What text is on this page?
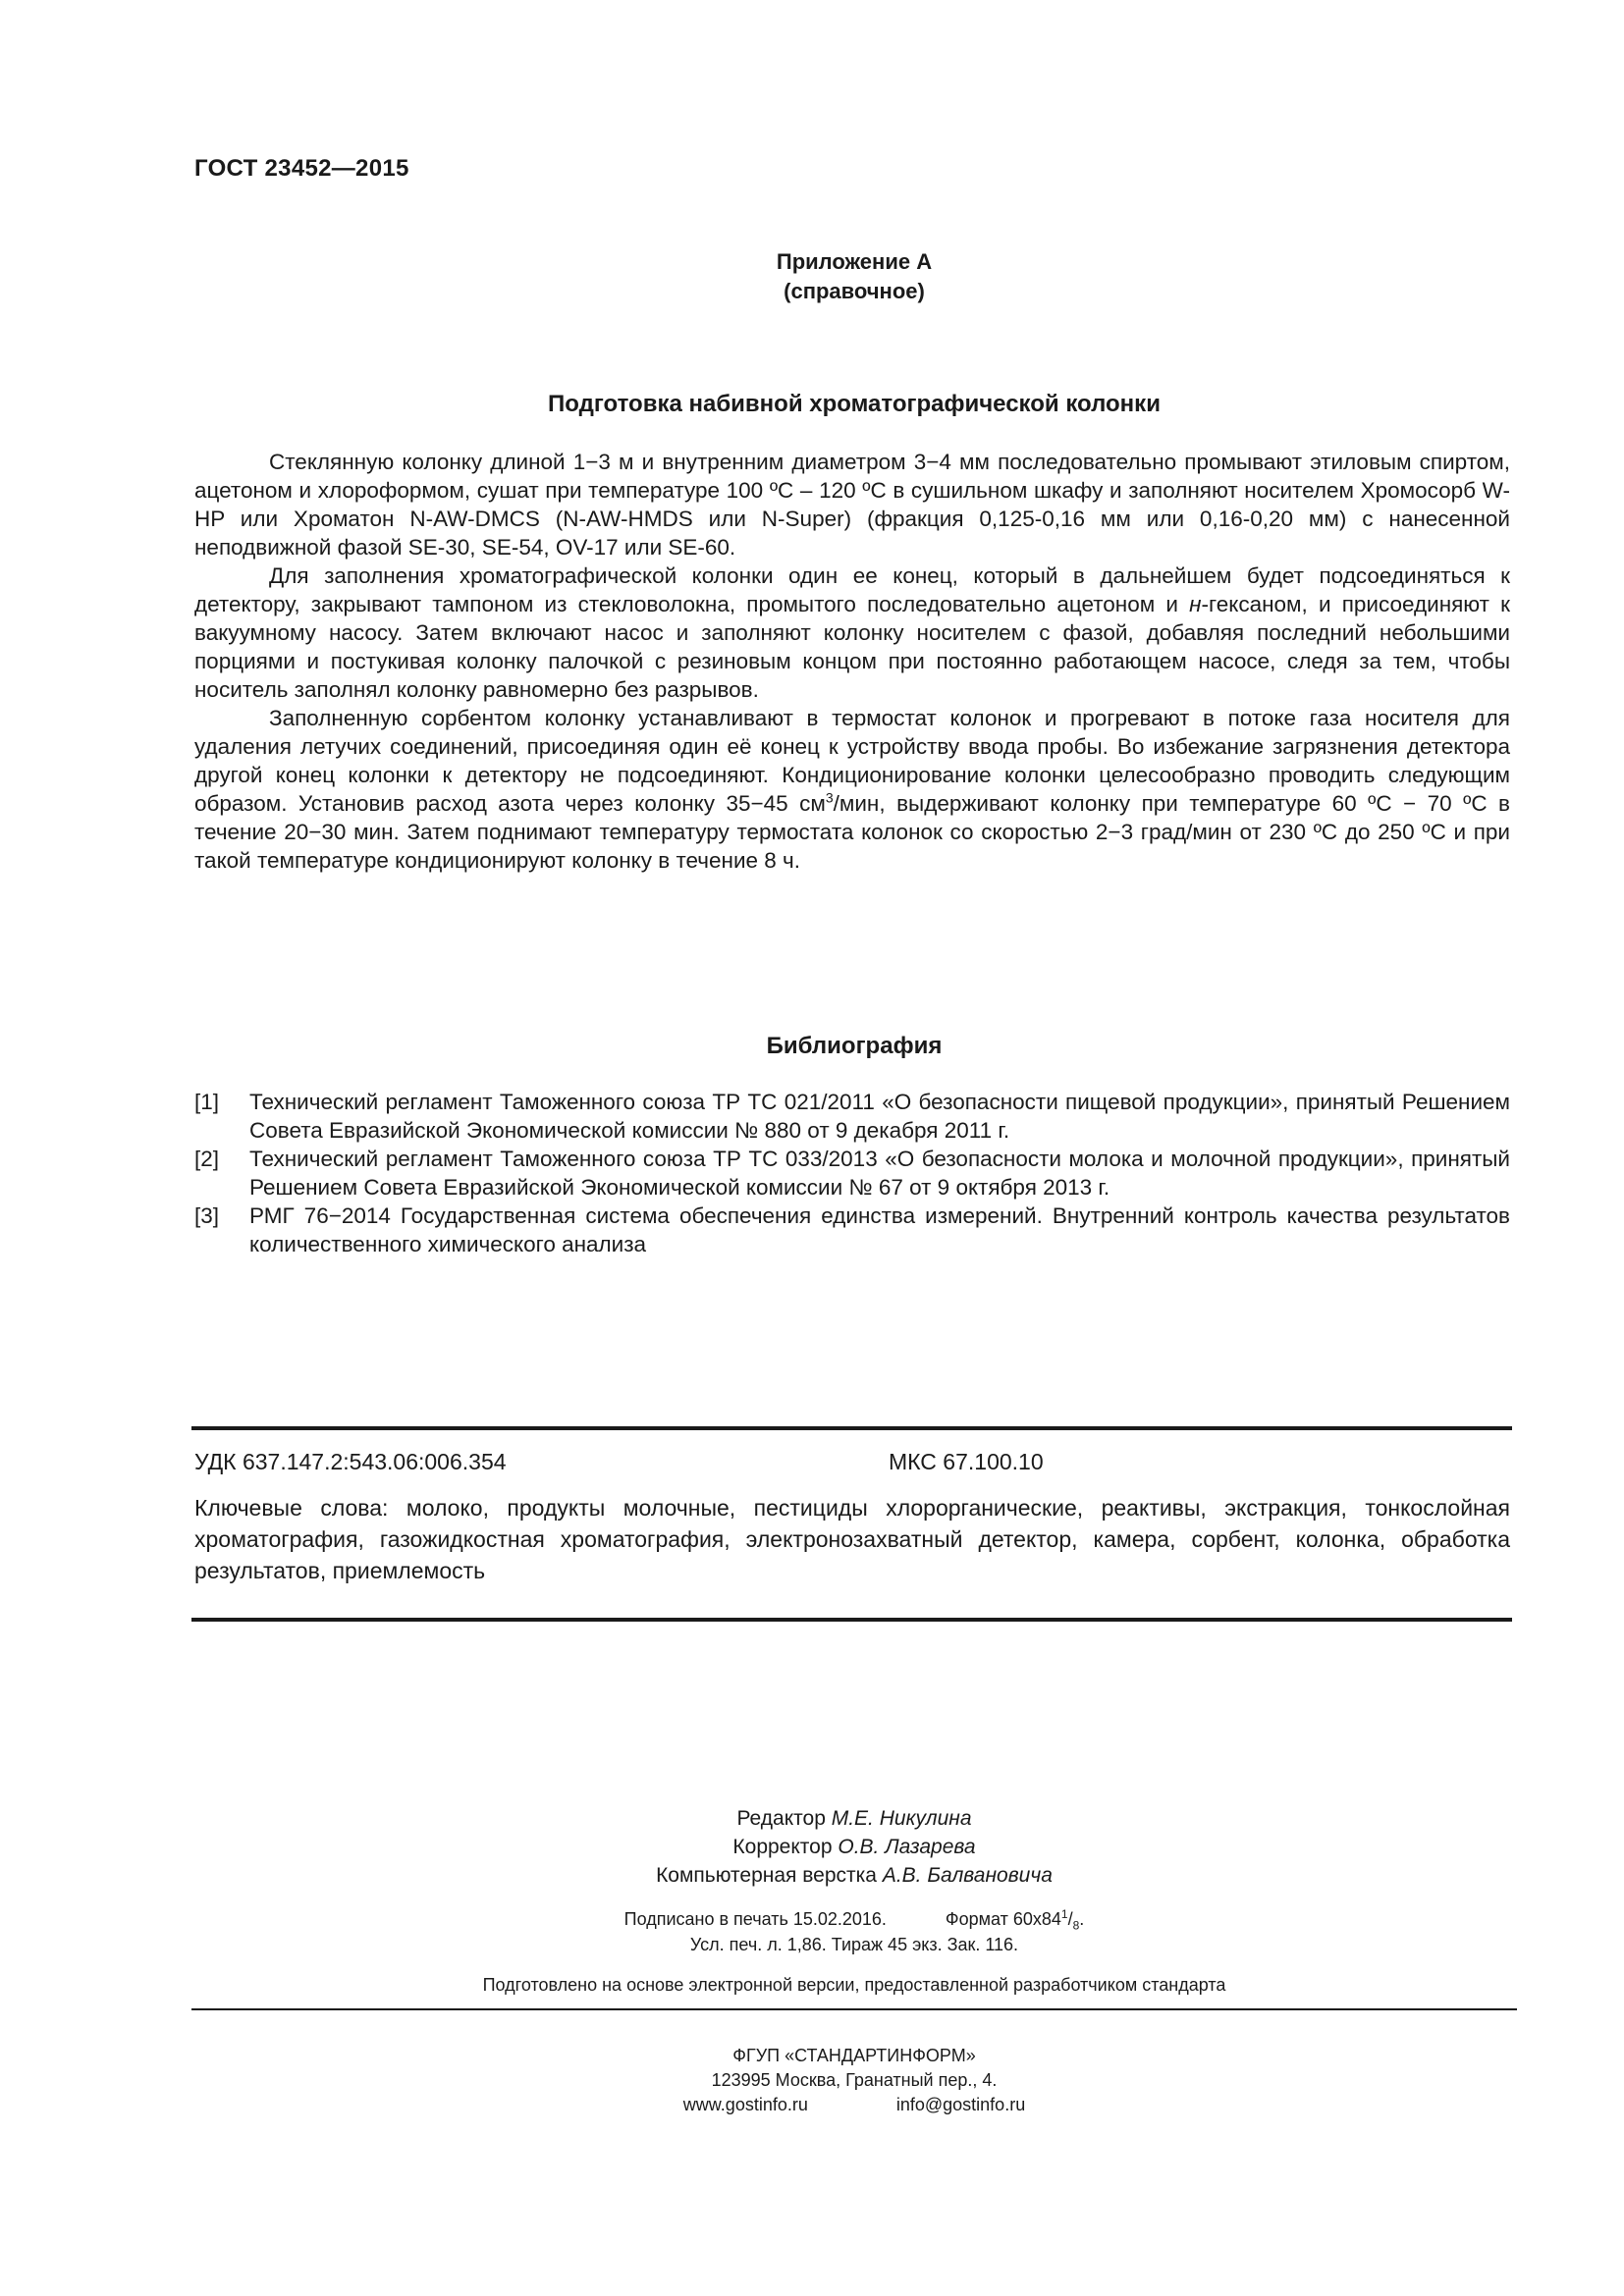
ГОСТ 23452—2015
Приложение А
(справочное)
Подготовка набивной хроматографической колонки

Стеклянную колонку длиной 1−3 м и внутренним диаметром 3−4 мм последовательно промывают этиловым спиртом, ацетоном и хлороформом, сушат при температуре 100 ºС – 120 ºС в сушильном шкафу и заполняют носителем Хромосорб W-HP или Хроматон N-AW-DMCS (N-AW-HMDS или N-Super) (фракция 0,125-0,16 мм или 0,16-0,20 мм) с нанесенной неподвижной фазой SE-30, SE-54, OV-17 или SE-60.

Для заполнения хроматографической колонки один ее конец, который в дальнейшем будет подсоединяться к детектору, закрывают тампоном из стекловолокна, промытого последовательно ацетоном и н-гексаном, и присоединяют к вакуумному насосу. Затем включают насос и заполняют колонку носителем с фазой, добавляя последний небольшими порциями и постукивая колонку палочкой с резиновым концом при постоянно работающем насосе, следя за тем, чтобы носитель заполнял колонку равномерно без разрывов.

Заполненную сорбентом колонку устанавливают в термостат колонок и прогревают в потоке газа носителя для удаления летучих соединений, присоединяя один её конец к устройству ввода пробы. Во избежание загрязнения детектора другой конец колонки к детектору не подсоединяют. Кондиционирование колонки целесообразно проводить следующим образом. Установив расход азота через колонку 35−45 $см^3$/мин, выдерживают колонку при температуре 60 ºС − 70 ºС в течение 20−30 мин. Затем поднимают температуру термостата колонок со скоростью 2−3 град/мин от 230 ºС до 250 ºС и при такой температуре кондиционируют колонку в течение 8 ч.

Библиография
[1] Технический регламент Таможенного союза ТР ТС 021/2011 «О безопасности пищевой продукции», принятый Решением Совета Евразийской Экономической комиссии № 880 от 9 декабря 2011 г.
[2] Технический регламент Таможенного союза ТР ТС 033/2013 «О безопасности молока и молочной продукции», принятый Решением Совета Евразийской Экономической комиссии № 67 от 9 октября 2013 г.
[3] РМГ 76−2014 Государственная система обеспечения единства измерений. Внутренний контроль качества результатов количественного химического анализа
УДК 637.147.2:543.06:006.354	МКС 67.100.10
Ключевые слова: молоко, продукты молочные, пестициды хлорорганические, реактивы, экстракция, тонкослойная хроматография, газожидкостная хроматография, электронозахватный детектор, камера, сорбент, колонка, обработка результатов, приемлемость
Редактор М.Е. Никулина
Корректор О.В. Лазарева
Компьютерная верстка А.В. Балвановича
Подписано в печать 15.02.2016.	Формат $60x84^1/_8$.
Усл. печ. л. 1,86. Тираж 45 экз. Зак. 116.
Подготовлено на основе электронной версии, предоставленной разработчиком стандарта
ФГУП «СТАНДАРТИНФОРМ»
123995 Москва, Гранатный пер., 4.
www.gostinfo.ru	info@gostinfo.ru
